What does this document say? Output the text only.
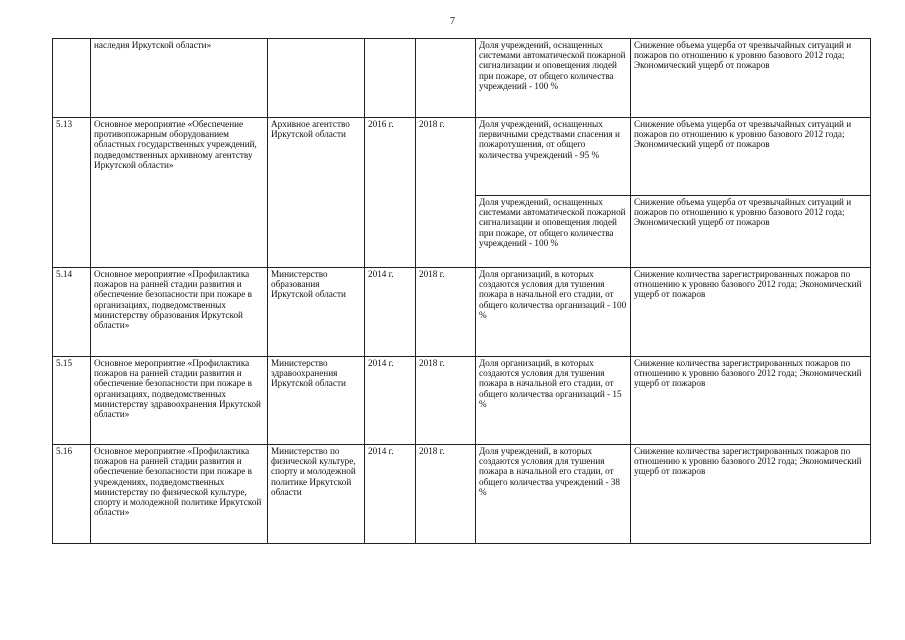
7
	наследия Иркутской области»				Доля учреждений, оснащенных системами автоматической пожарной сигнализации и оповещения людей при пожаре, от общего количества учреждений - 100 %	Снижение объема ущерба от чрезвычайных ситуаций и пожаров по отношению к уровню базового 2012 года; Экономический ущерб от пожаров
5.13	Основное мероприятие «Обеспечение противопожарным оборудованием областных государственных учреждений, подведомственных архивному агентству Иркутской области»	Архивное агентство Иркутской области	2016 г.	2018 г.	Доля учреждений, оснащенных первичными средствами спасения и пожаротушения, от общего количества учреждений - 95 %	Снижение объема ущерба от чрезвычайных ситуаций и пожаров по отношению к уровню базового 2012 года; Экономический ущерб от пожаров
					Доля учреждений, оснащенных системами автоматической пожарной сигнализации и оповещения людей при пожаре, от общего количества учреждений - 100 %	Снижение объема ущерба от чрезвычайных ситуаций и пожаров по отношению к уровню базового 2012 года; Экономический ущерб от пожаров
5.14	Основное мероприятие «Профилактика пожаров на ранней стадии развития и обеспечение безопасности при пожаре в организациях, подведомственных министерству образования Иркутской области»	Министерство образования Иркутской области	2014 г.	2018 г.	Доля организаций, в которых создаются условия для тушения пожара в начальной его стадии, от общего количества организаций - 100 %	Снижение количества зарегистрированных пожаров по отношению к уровню базового 2012 года; Экономический ущерб от пожаров
5.15	Основное мероприятие «Профилактика пожаров на ранней стадии развития и обеспечение безопасности при пожаре в организациях, подведомственных министерству здравоохранения Иркутской области»	Министерство здравоохранения Иркутской области	2014 г.	2018 г.	Доля организаций, в которых создаются условия для тушения пожара в начальной его стадии, от общего количества организаций - 15 %	Снижение количества зарегистрированных пожаров по отношению к уровню базового 2012 года; Экономический ущерб от пожаров
5.16	Основное мероприятие «Профилактика пожаров на ранней стадии развития и обеспечение безопасности при пожаре в учреждениях, подведомственных министерству по физической культуре, спорту и молодежной политике Иркутской области»	Министерство по физической культуре, спорту и молодежной политике Иркутской области	2014 г.	2018 г.	Доля учреждений, в которых создаются условия для тушения пожара в начальной его стадии, от общего количества учреждений - 38 %	Снижение количества зарегистрированных пожаров по отношению к уровню базового 2012 года; Экономический ущерб от пожаров
